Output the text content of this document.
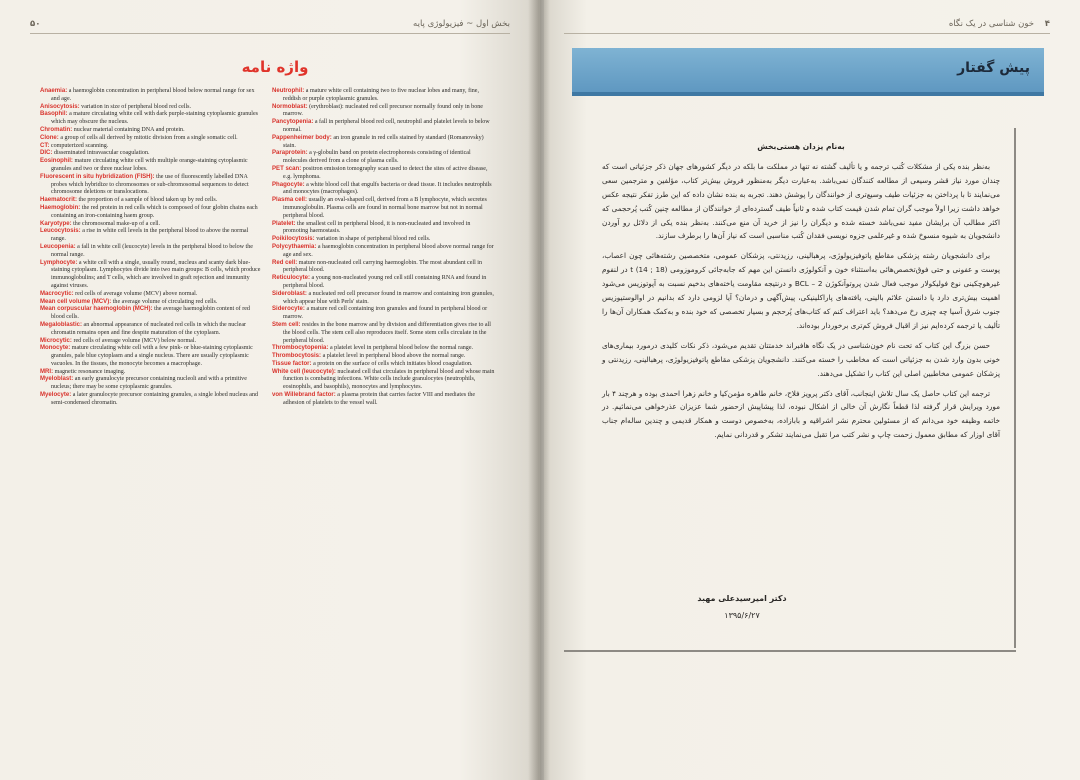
۵۰	بخش اول ~ فیزیولوژی پایه
واژه نامه

Anaemia: a haemoglobin concentration in peripheral blood below normal range for sex and age.

Anisocytosis: variation in size of peripheral blood red cells.

Basophil: a mature circulating white cell with dark purple-staining cytoplasmic granules which may obscure the nucleus.

Chromatin: nuclear material containing DNA and protein.

Clone: a group of cells all derived by mitotic division from a single somatic cell.

CT: computerized scanning.

DIC: disseminated intravascular coagulation.

Eosinophil: mature circulating white cell with multiple orange-staining cytoplasmic granules and two or three nuclear lobes.

Fluorescent in situ hybridization (FISH): the use of fluorescently labelled DNA probes which hybridize to chromosomes or sub-chromosomal sequences to detect chromosome deletions or translocations.

Haematocrit: the proportion of a sample of blood taken up by red cells.

Haemoglobin: the red protein in red cells which is composed of four globin chains each containing an iron-containing haem group.

Karyotype: the chromosomal make-up of a cell.

Leucocytosis: a rise in white cell levels in the peripheral blood to above the normal range.

Leucopenia: a fall in white cell (leucocyte) levels in the peripheral blood to below the normal range.

Lymphocyte: a white cell with a single, usually round, nucleus and scanty dark blue-staining cytoplasm. Lymphocytes divide into two main groups: B cells, which produce immunoglobulins; and T cells, which are involved in graft rejection and immunity against viruses.

Macrocytic: red cells of average volume (MCV) above normal.

Mean cell volume (MCV): the average volume of circulating red cells.

Mean corpuscular haemoglobin (MCH): the average haemoglobin content of red blood cells.

Megaloblastic: an abnormal appearance of nucleated red cells in which the nuclear chromatin remains open and fine despite maturation of the cytoplasm.

Microcytic: red cells of average volume (MCV) below normal.

Monocyte: mature circulating white cell with a few pink- or blue-staining cytoplasmic granules, pale blue cytoplasm and a single nucleus. There are usually cytoplasmic vacuoles. In the tissues, the monocyte becomes a macrophage.

MRI: magnetic resonance imaging.

Myeloblast: an early granulocyte precursor containing nucleoli and with a primitive nucleus; there may be some cytoplasmic granules.

Myelocyte: a later granulocyte precursor containing granules, a single lobed nucleus and semi-condensed chromatin.

Neutrophil: a mature white cell containing two to five nuclear lobes and many, fine, reddish or purple cytoplasmic granules.

Normoblast: (erythroblast): nucleated red cell precursor normally found only in bone marrow.

Pancytopenia: a fall in peripheral blood red cell, neutrophil and platelet levels to below normal.

Pappenheimer body: an iron granule in red cells stained by standard (Romanovsky) stain.

Paraprotein: a γ-globulin band on protein electrophoresis consisting of identical molecules derived from a clone of plasma cells.

PET scan: positron emission tomography scan used to detect the sites of active disease, e.g. lymphoma.

Phagocyte: a white blood cell that engulfs bacteria or dead tissue. It includes neutrophils and monocytes (macrophages).

Plasma cell: usually an oval-shaped cell, derived from a B lymphocyte, which secretes immunoglobulin. Plasma cells are found in normal bone marrow but not in normal peripheral blood.

Platelet: the smallest cell in peripheral blood, it is non-nucleated and involved in promoting haemostasis.

Poikilocytosis: variation in shape of peripheral blood red cells.

Polycythaemia: a haemoglobin concentration in peripheral blood above normal range for age and sex.

Red cell: mature non-nucleated cell carrying haemoglobin. The most abundant cell in peripheral blood.

Reticulocyte: a young non-nucleated young red cell still containing RNA and found in peripheral blood.

Sideroblast: a nucleated red cell precursor found in marrow and containing iron granules, which appear blue with Perls' stain.

Siderocyte: a mature red cell containing iron granules and found in peripheral blood or marrow.

Stem cell: resides in the bone marrow and by division and differentiation gives rise to all the blood cells. The stem cell also reproduces itself. Some stem cells circulate in the peripheral blood.

Thrombocytopenia: a platelet level in peripheral blood below the normal range.

Thrombocytosis: a platelet level in peripheral blood above the normal range.

Tissue factor: a protein on the surface of cells which initiates blood coagulation.

White cell (leucocyte): nucleated cell that circulates in peripheral blood and whose main function is combating infections. White cells include granulocytes (neutrophils, eosinophils, and basophils), monocytes and lymphocytes.

von Willebrand factor: a plasma protein that carries factor VIII and mediates the adhesion of platelets to the vessel wall.

خون شناسی در یک نگاه ۴
پیش گفتار
به‌نام یزدان هستی‌بخش

به‌نظر بنده یکی از مشکلات کُتب ترجمه و یا تألیف گشته نه تنها در مملکت ما بلکه در دیگر کشورهای جهان ذکر جزئیاتی است که چندان مورد نیاز قشر وسیعی از مطالعه کنندگان نمی‌باشد. به‌عبارت دیگر به‌منظور فروش بیش‌تر کتاب، مؤلفین و مترجمین سعی می‌نمایند تا با پرداختن به جزئیات طیف وسیع‌تری از خوانندگان را پوشش دهند. تجربه به بنده نشان داده که این طرز تفکر نتیجه عکس خواهد داشت زیرا اولاً موجب گران تمام شدن قیمت کتاب شده و ثانیاً طیف گسترده‌ای از خوانندگان از مطالعه چنین کُتب پُرحجمی که اکثر مطالب آن برایشان مفید نمی‌باشد خسته شده و دیگران را نیز از خرید آن منع می‌کنند. به‌نظر بنده یکی از دلائل رو آوردن دانشجویان به شیوه منسوخ شده و غیرعلمی جزوه نویسی فقدان کُتب مناسبی است که نیاز آن‌ها را برطرف سازند.

برای دانشجویان رشته پزشکی مقاطع پاتوفیزیولوژی، پرهبالینی، رزیدنتی، پزشکان عمومی، متخصصین رشته‌هائی چون اعصاب، پوست و عفونی و حتی فوق‌تخصص‌هائی به‌استثناء خون و آنکولوژی دانستن این مهم که جابه‌جائی کروموزومی t (14 ; 18) در لنفوم غیرهوچکینی نوع فولیکولار موجب فعال شدن پروتوآنکوژن BCL – 2 و درنتیجه مقاومت یاخته‌های بدخیم نسبت به آپوتوزیس می‌شود اهمیت بیش‌تری دارد یا دانستن علائم بالینی، یافته‌های پاراکلینیکی، پیش‌آگهی و درمان؟ آیا لزومی دارد که بدانیم در اوالوستیوزیس جنوب شرق آسیا چه چیزی رخ می‌دهد؟ باید اعتراف کنم که کتاب‌های پُرحجم و بسیار تخصصی که خود بنده و به‌کمک همکاران آن‌ها را تألیف یا ترجمه کرده‌ایم نیز از اقبال فروش کم‌تری برخوردار بوده‌اند.

حسن بزرگ این کتاب که تحت نام خون‌شناسی در یک نگاه هافبراند خدمتتان تقدیم می‌شود، ذکر نکات کلیدی درمورد بیماری‌های خونی بدون وارد شدن به جزئیاتی است که مخاطب را خسته می‌کنند. دانشجویان پزشکی مقاطع پاتوفیزیولوژی، پرهبالینی، رزیدنتی و پزشکان عمومی مخاطبین اصلی این کتاب را تشکیل می‌دهند.

ترجمه این کتاب حاصل یک سال تلاش اینجانب، آقای دکتر پرویز فلاح، خانم طاهره مؤمن‌کیا و خانم زهرا احمدی بوده و هرچند ۴ بار مورد ویرایش قرار گرفته لذا قطعاً نگارش آن خالی از اشکال نبوده، لذا پیشاپیش ازحضور شما عزیزان عذرخواهی می‌نمائیم. در خاتمه وظیفه خود می‌دانم که از مسئولین محترم نشر اشراقیه و بابازاده، به‌خصوص دوست و همکار قدیمی و چندین ساله‌ام جناب آقای اوزار که مطابق معمول زحمت چاپ و نشر کتب مرا تقبل می‌نمایند تشکر و قدردانی نمایم.

دکتر امیرسیدعلی مهبد
۱۳۹۵/۶/۲۷
